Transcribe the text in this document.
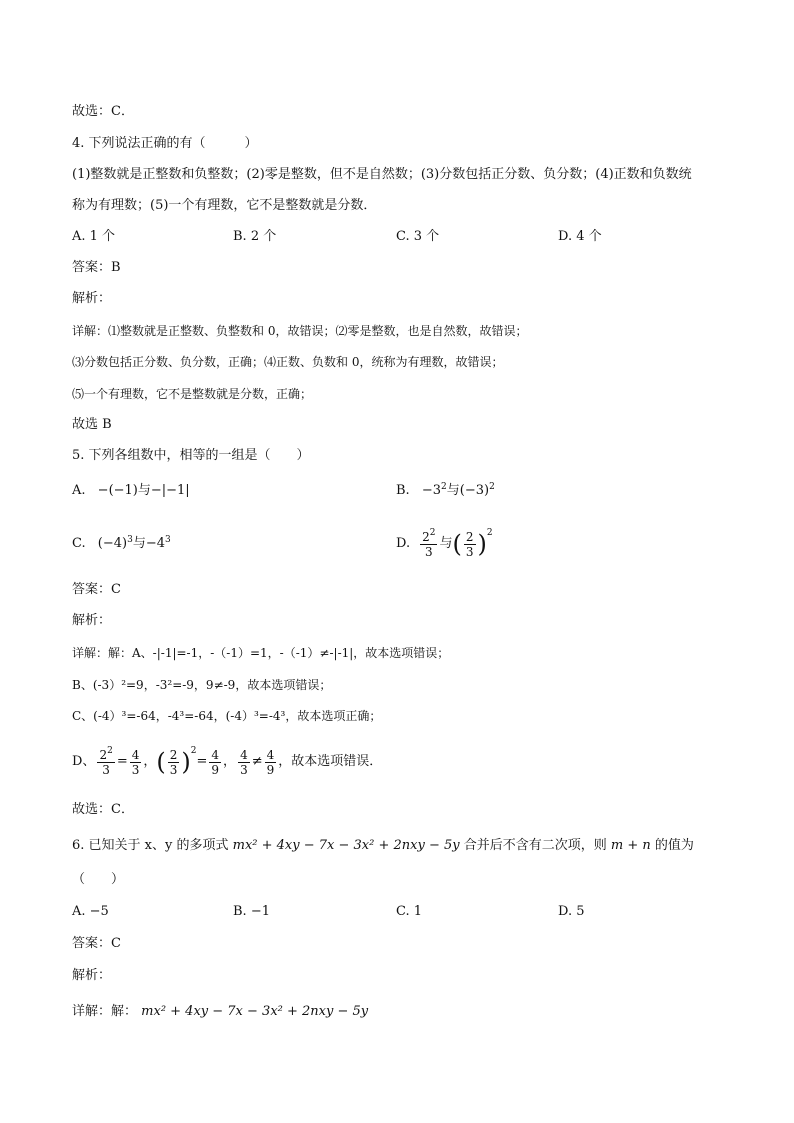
故选：C．
4. 下列说法正确的有（　　　）
(1)整数就是正整数和负整数；(2)零是整数，但不是自然数；(3)分数包括正分数、负分数；(4)正数和负数统
称为有理数；(5)一个有理数，它不是整数就是分数．
A. 1 个	B. 2 个	C. 3 个	D. 4 个
答案：B
解析：
详解：⑴整数就是正整数、负整数和 0，故错误；⑵零是整数，也是自然数，故错误；
⑶分数包括正分数、负分数，正确；⑷正数、负数和 0，统称为有理数，故错误；
⑸一个有理数，它不是整数就是分数，正确；
故选 B
5. 下列各组数中，相等的一组是（　　）
A. −(−1)与−|−1|	B. $-3^2$与$(-3)^2$
C. $(-4)^3$与$-4^3$	D. $\frac{2^2}{3}$ 与 ( $\frac{2}{3} )^2$
答案：C
解析：
详解：解：A、-|-1|=-1，-（-1）=1，-（-1）≠-|-1|，故本选项错误；
B、(-3）²=9，-3²=-9，9≠-9，故本选项错误；
C、(-4）³=-64，-4³=-64，(-4）³=-4³，故本选项正确；
D、 $\frac{2^2}{3} = \frac{4}{3}$ ， ( $\frac{2}{3} )^2$
= $\frac{4}{9}$ ， $\frac{4}{3} \ne \frac{4}{9}$ ，故本选项错误．
故选：C．
6. 已知关于 x、y 的多项式 mx² + 4xy − 7x − 3x² + 2nxy − 5y 合并后不含有二次项，则 m + n 的值为
（　　）
A. −5	B. −1	C. 1	D. 5
答案：C
解析：
详解：解： mx² + 4xy − 7x − 3x² + 2nxy − 5y
